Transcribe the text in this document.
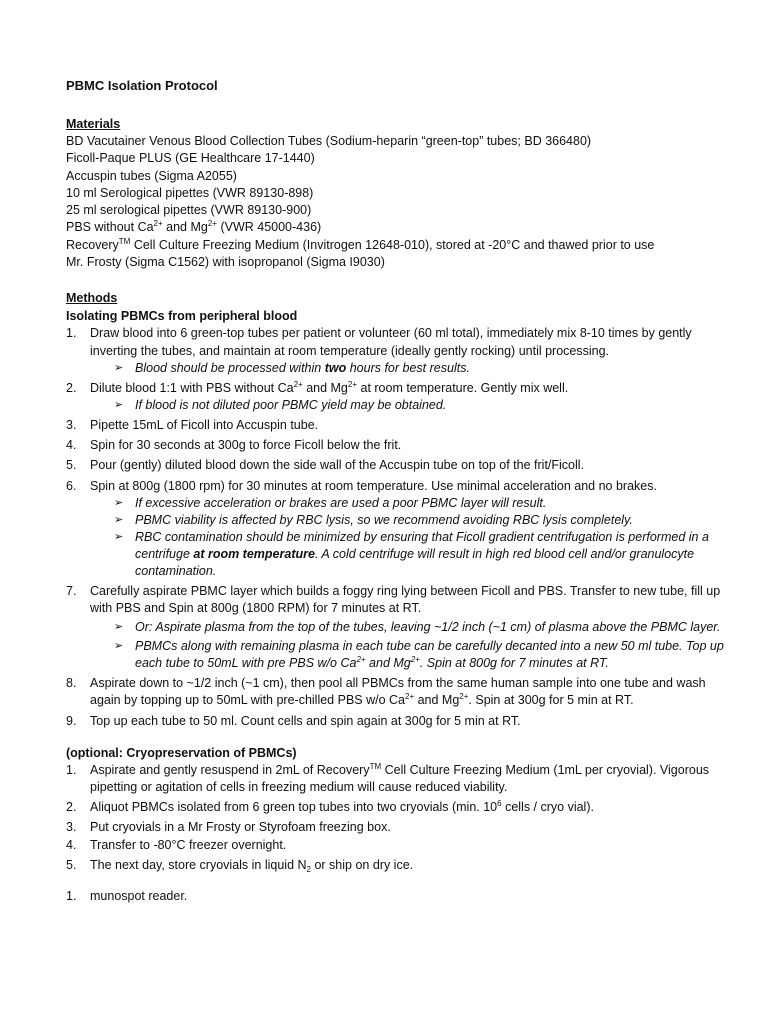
PBMC Isolation Protocol

Materials

BD Vacutainer Venous Blood Collection Tubes (Sodium-heparin “green-top” tubes; BD 366480)

Ficoll-Paque PLUS (GE Healthcare 17-1440)

Accuspin tubes (Sigma A2055)

10 ml Serological pipettes (VWR 89130-898)

25 ml serological pipettes (VWR 89130-900)

PBS without $Ca^{2+}$ and $Mg^{2+}$ (VWR 45000-436)

Recovery™ Cell Culture Freezing Medium (Invitrogen 12648-010), stored at -20°C and thawed prior to use

Mr. Frosty (Sigma C1562) with isopropanol (Sigma I9030)

Methods

Isolating PBMCs from peripheral blood

1. Draw blood into 6 green-top tubes per patient or volunteer (60 ml total), immediately mix 8-10 times by gently inverting the tubes, and maintain at room temperature (ideally gently rocking) until processing.

➢ Blood should be processed within two hours for best results.

2. Dilute blood 1:1 with PBS without $Ca^{2+}$ and $Mg^{2+}$ at room temperature. Gently mix well.

➢ If blood is not diluted poor PBMC yield may be obtained.

3. Pipette 15mL of Ficoll into Accuspin tube.

4. Spin for 30 seconds at 300g to force Ficoll below the frit.

5. Pour (gently) diluted blood down the side wall of the Accuspin tube on top of the frit/Ficoll.

6. Spin at 800g (1800 rpm) for 30 minutes at room temperature. Use minimal acceleration and no brakes.

➢ If excessive acceleration or brakes are used a poor PBMC layer will result.

➢ PBMC viability is affected by RBC lysis, so we recommend avoiding RBC lysis completely.

➢ RBC contamination should be minimized by ensuring that Ficoll gradient centrifugation is performed in a centrifuge at room temperature. A cold centrifuge will result in high red blood cell and/or granulocyte contamination.

7. Carefully aspirate PBMC layer which builds a foggy ring lying between Ficoll and PBS. Transfer to new tube, fill up with PBS and Spin at 800g (1800 RPM) for 7 minutes at RT.

➢ Or: Aspirate plasma from the top of the tubes, leaving ~1/2 inch (~1 cm) of plasma above the PBMC layer.

➢ PBMCs along with remaining plasma in each tube can be carefully decanted into a new 50 ml tube. Top up each tube to 50mL with pre PBS w/o $Ca^{2+}$ and $Mg^{2+}$. Spin at 800g for 7 minutes at RT.

8. Aspirate down to ~1/2 inch (~1 cm), then pool all PBMCs from the same human sample into one tube and wash again by topping up to 50mL with pre-chilled PBS w/o $Ca^{2+}$ and $Mg^{2+}$. Spin at 300g for 5 min at RT.

9. Top up each tube to 50 ml. Count cells and spin again at 300g for 5 min at RT.

(optional: Cryopreservation of PBMCs)

1. Aspirate and gently resuspend in 2mL of Recovery™ Cell Culture Freezing Medium (1mL per cryovial). Vigorous pipetting or agitation of cells in freezing medium will cause reduced viability.

2. Aliquot PBMCs isolated from 6 green top tubes into two cryovials (min. $10^6$ cells / cryo vial).

3. Put cryovials in a Mr Frosty or Styrofoam freezing box.

4. Transfer to -80°C freezer overnight.

5. The next day, store cryovials in liquid $N_2$ or ship on dry ice.

1. munospot reader.
